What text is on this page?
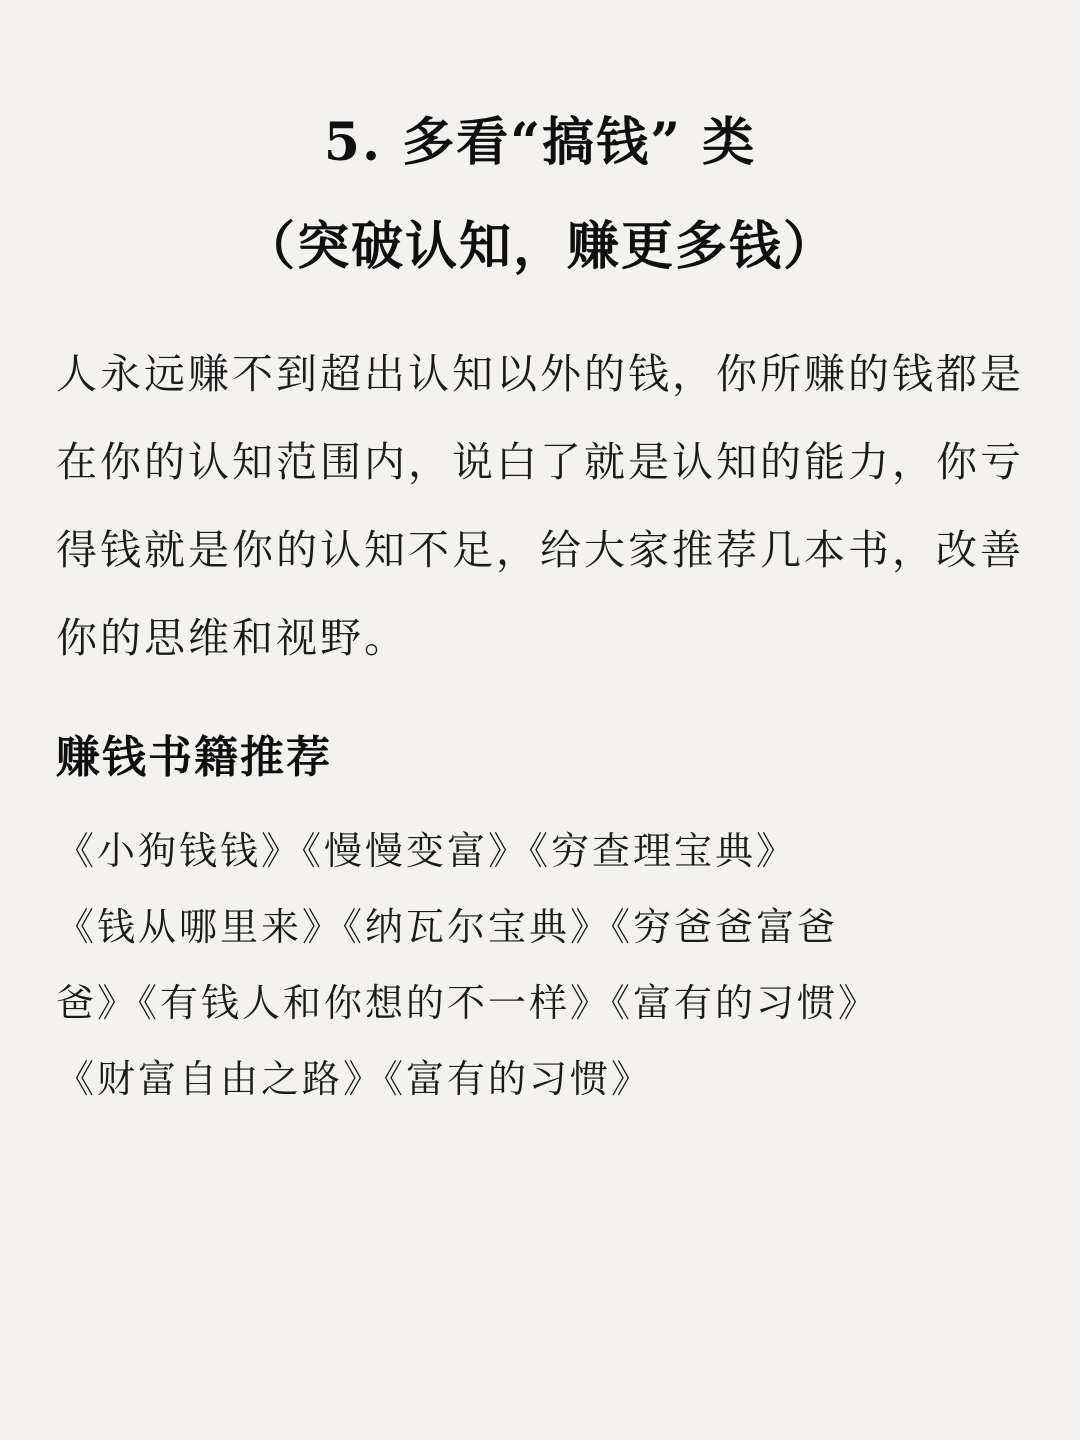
5. 多看“搞钱” 类
（突破认知，赚更多钱）
人永远赚不到超出认知以外的钱，你所赚的钱都是在你的认知范围内，说白了就是认知的能力，你亏得钱就是你的认知不足，给大家推荐几本书，改善你的思维和视野。
赚钱书籍推荐
《小狗钱钱》《慢慢变富》《穷查理宝典》
《钱从哪里来》《纳瓦尔宝典》《穷爸爸富爸
爸》《有钱人和你想的不一样》《富有的习惯》
《财富自由之路》《富有的习惯》
